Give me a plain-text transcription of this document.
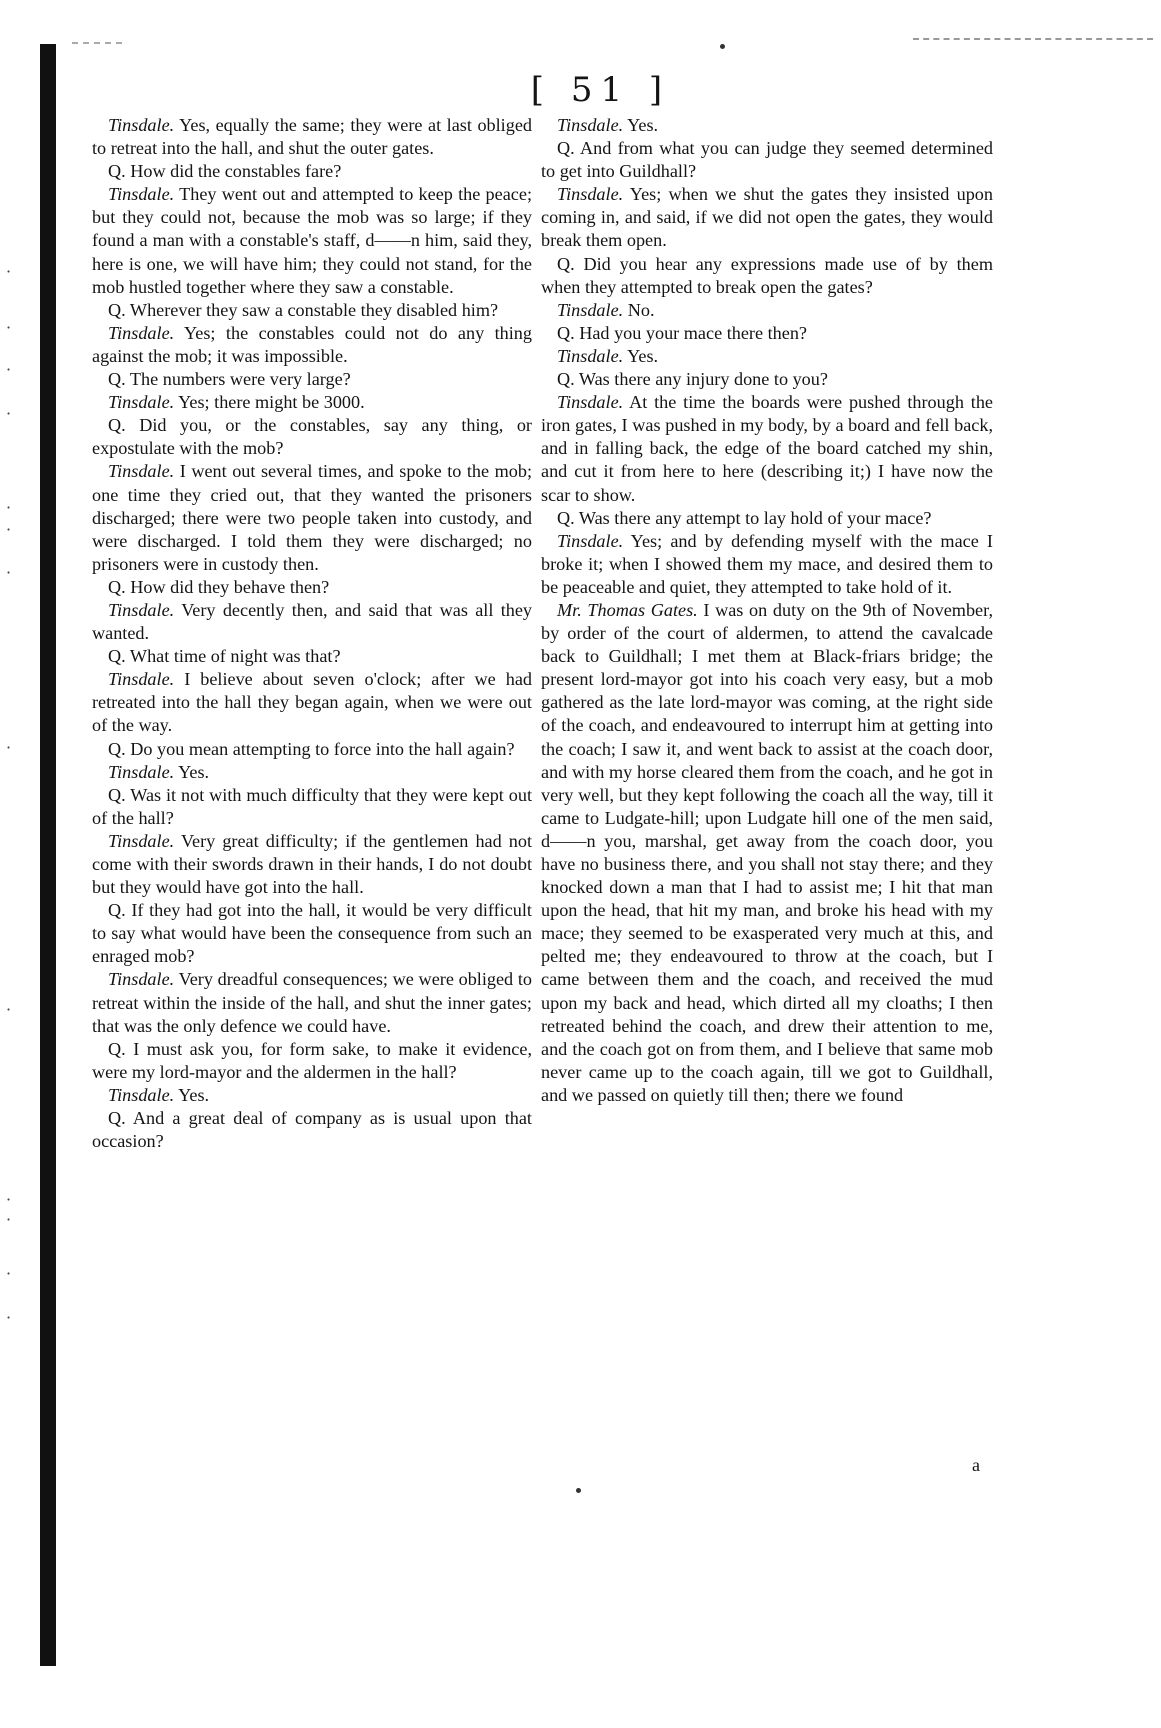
·
·
·
·
·
·
·
·
·
·
·
·
·
[ 51 ]

Tinsdale. Yes, equally the same; they were at last obliged to retreat into the hall, and shut the outer gates.

Q. How did the constables fare?

Tinsdale. They went out and attempted to keep the peace; but they could not, because the mob was so large; if they found a man with a constable's staff, d——n him, said they, here is one, we will have him; they could not stand, for the mob hustled together where they saw a constable.

Q. Wherever they saw a constable they disabled him?

Tinsdale. Yes; the constables could not do any thing against the mob; it was impossible.

Q. The numbers were very large?

Tinsdale. Yes; there might be 3000.

Q. Did you, or the constables, say any thing, or expostulate with the mob?

Tinsdale. I went out several times, and spoke to the mob; one time they cried out, that they wanted the prisoners discharged; there were two people taken into custody, and were discharged. I told them they were discharged; no prisoners were in custody then.

Q. How did they behave then?

Tinsdale. Very decently then, and said that was all they wanted.

Q. What time of night was that?

Tinsdale. I believe about seven o'clock; after we had retreated into the hall they began again, when we were out of the way.

Q. Do you mean attempting to force into the hall again?

Tinsdale. Yes.

Q. Was it not with much difficulty that they were kept out of the hall?

Tinsdale. Very great difficulty; if the gentlemen had not come with their swords drawn in their hands, I do not doubt but they would have got into the hall.

Q. If they had got into the hall, it would be very difficult to say what would have been the consequence from such an enraged mob?

Tinsdale. Very dreadful consequences; we were obliged to retreat within the inside of the hall, and shut the inner gates; that was the only defence we could have.

Q. I must ask you, for form sake, to make it evidence, were my lord-mayor and the aldermen in the hall?

Tinsdale. Yes.

Q. And a great deal of company as is usual upon that occasion?

Tinsdale. Yes.

Q. And from what you can judge they seemed determined to get into Guildhall?

Tinsdale. Yes; when we shut the gates they insisted upon coming in, and said, if we did not open the gates, they would break them open.

Q. Did you hear any expressions made use of by them when they attempted to break open the gates?

Tinsdale. No.

Q. Had you your mace there then?

Tinsdale. Yes.

Q. Was there any injury done to you?

Tinsdale. At the time the boards were pushed through the iron gates, I was pushed in my body, by a board and fell back, and in falling back, the edge of the board catched my shin, and cut it from here to here (describing it;) I have now the scar to show.

Q. Was there any attempt to lay hold of your mace?

Tinsdale. Yes; and by defending myself with the mace I broke it; when I showed them my mace, and desired them to be peaceable and quiet, they attempted to take hold of it.

Mr. Thomas Gates. I was on duty on the 9th of November, by order of the court of aldermen, to attend the cavalcade back to Guildhall; I met them at Black-friars bridge; the present lord-mayor got into his coach very easy, but a mob gathered as the late lord-mayor was coming, at the right side of the coach, and endeavoured to interrupt him at getting into the coach; I saw it, and went back to assist at the coach door, and with my horse cleared them from the coach, and he got in very well, but they kept following the coach all the way, till it came to Ludgate-hill; upon Ludgate hill one of the men said, d——n you, marshal, get away from the coach door, you have no business there, and you shall not stay there; and they knocked down a man that I had to assist me; I hit that man upon the head, that hit my man, and broke his head with my mace; they seemed to be exasperated very much at this, and pelted me; they endeavoured to throw at the coach, but I came between them and the coach, and received the mud upon my back and head, which dirted all my cloaths; I then retreated behind the coach, and drew their attention to me, and the coach got on from them, and I believe that same mob never came up to the coach again, till we got to Guildhall, and we passed on quietly till then; there we found

a
